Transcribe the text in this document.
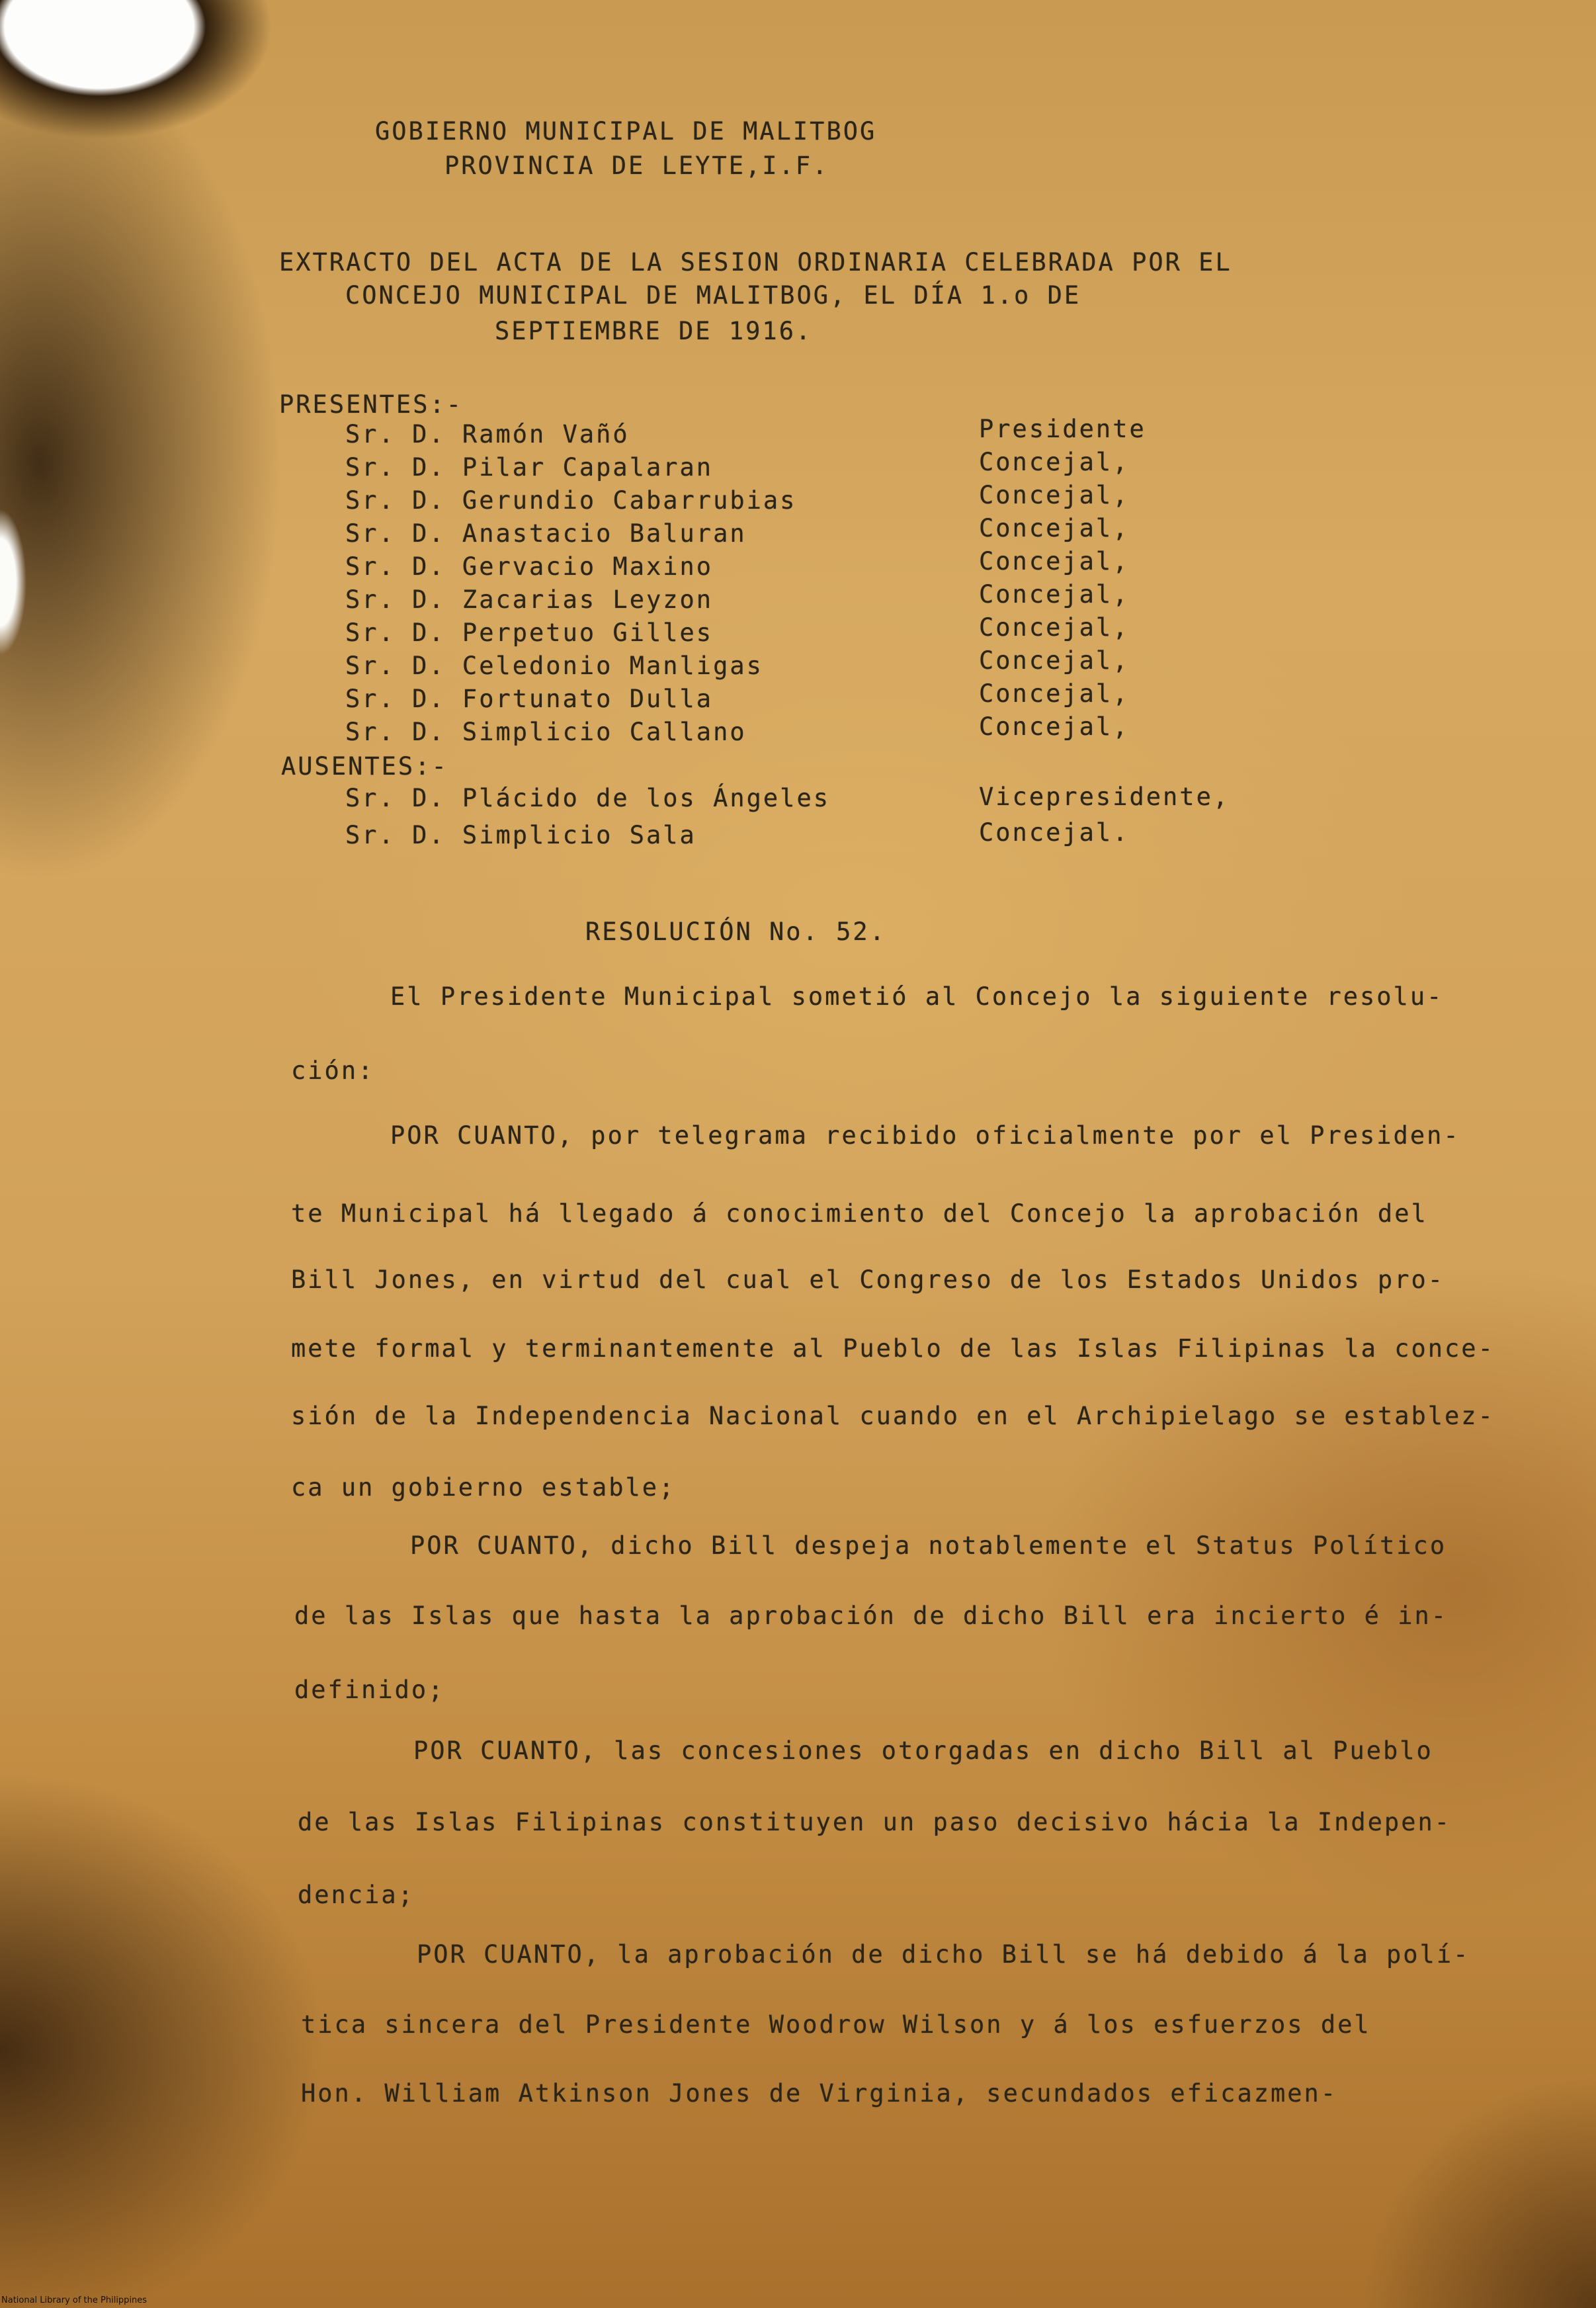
GOBIERNO MUNICIPAL DE MALITBOG
PROVINCIA DE LEYTE,I.F.
EXTRACTO DEL ACTA DE LA SESION ORDINARIA CELEBRADA POR EL
CONCEJO MUNICIPAL DE MALITBOG, EL DÍA 1.o DE
SEPTIEMBRE DE 1916.
PRESENTES:-
Sr. D. Ramón Vañó	Presidente
Sr. D. Pilar Capalaran	Concejal,
Sr. D. Gerundio Cabarrubias	Concejal,
Sr. D. Anastacio Baluran	Concejal,
Sr. D. Gervacio Maxino	Concejal,
Sr. D. Zacarias Leyzon	Concejal,
Sr. D. Perpetuo Gilles	Concejal,
Sr. D. Celedonio Manligas	Concejal,
Sr. D. Fortunato Dulla	Concejal,
Sr. D. Simplicio Callano	Concejal,
AUSENTES:-
Sr. D. Plácido de los Ángeles	Vicepresidente,
Sr. D. Simplicio Sala	Concejal.
RESOLUCIÓN No. 52.
El Presidente Municipal sometió al Concejo la siguiente resolu-
ción:
POR CUANTO, por telegrama recibido oficialmente por el Presiden-
te Municipal há llegado á conocimiento del Concejo la aprobación del
Bill Jones, en virtud del cual el Congreso de los Estados Unidos pro-
mete formal y terminantemente al Pueblo de las Islas Filipinas la conce-
sión de la Independencia Nacional cuando en el Archipielago se establez-
ca un gobierno estable;
POR CUANTO, dicho Bill despeja notablemente el Status Político
de las Islas que hasta la aprobación de dicho Bill era incierto é in-
definido;
POR CUANTO, las concesiones otorgadas en dicho Bill al Pueblo
de las Islas Filipinas constituyen un paso decisivo hácia la Indepen-
dencia;
POR CUANTO, la aprobación de dicho Bill se há debido á la polí-
tica sincera del Presidente Woodrow Wilson y á los esfuerzos del
Hon. William Atkinson Jones de Virginia, secundados eficazmen-
National Library of the Philippines
